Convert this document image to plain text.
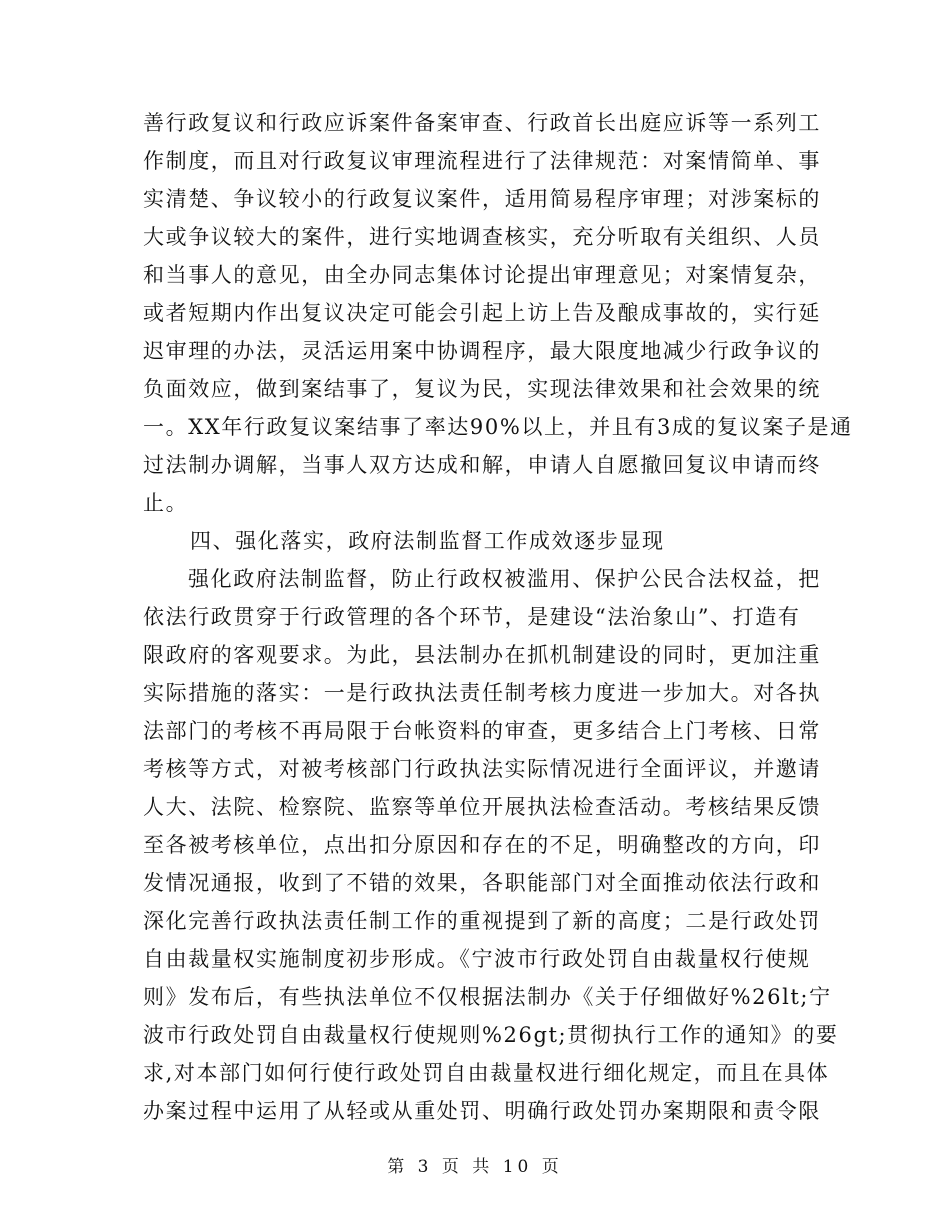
善行政复议和行政应诉案件备案审查、行政首长出庭应诉等一系列工
作制度，而且对行政复议审理流程进行了法律规范：对案情简单、事
实清楚、争议较小的行政复议案件，适用简易程序审理；对涉案标的
大或争议较大的案件，进行实地调查核实，充分听取有关组织、人员
和当事人的意见，由全办同志集体讨论提出审理意见；对案情复杂，
或者短期内作出复议决定可能会引起上访上告及酿成事故的，实行延
迟审理的办法，灵活运用案中协调程序，最大限度地减少行政争议的
负面效应，做到案结事了，复议为民，实现法律效果和社会效果的统
一。XX年行政复议案结事了率达90%以上，并且有3成的复议案子是通
过法制办调解，当事人双方达成和解，申请人自愿撤回复议申请而终
止。
四、强化落实，政府法制监督工作成效逐步显现
强化政府法制监督，防止行政权被滥用、保护公民合法权益，把
依法行政贯穿于行政管理的各个环节，是建设“法治象山”、打造有
限政府的客观要求。为此，县法制办在抓机制建设的同时，更加注重
实际措施的落实：一是行政执法责任制考核力度进一步加大。对各执
法部门的考核不再局限于台帐资料的审查，更多结合上门考核、日常
考核等方式，对被考核部门行政执法实际情况进行全面评议，并邀请
人大、法院、检察院、监察等单位开展执法检查活动。考核结果反馈
至各被考核单位，点出扣分原因和存在的不足，明确整改的方向，印
发情况通报，收到了不错的效果，各职能部门对全面推动依法行政和
深化完善行政执法责任制工作的重视提到了新的高度；二是行政处罚
自由裁量权实施制度初步形成。《宁波市行政处罚自由裁量权行使规
则》发布后，有些执法单位不仅根据法制办《关于仔细做好%26lt;宁
波市行政处罚自由裁量权行使规则%26gt;贯彻执行工作的通知》的要
求,对本部门如何行使行政处罚自由裁量权进行细化规定，而且在具体
办案过程中运用了从轻或从重处罚、明确行政处罚办案期限和责令限
第 3 页 共 10 页
